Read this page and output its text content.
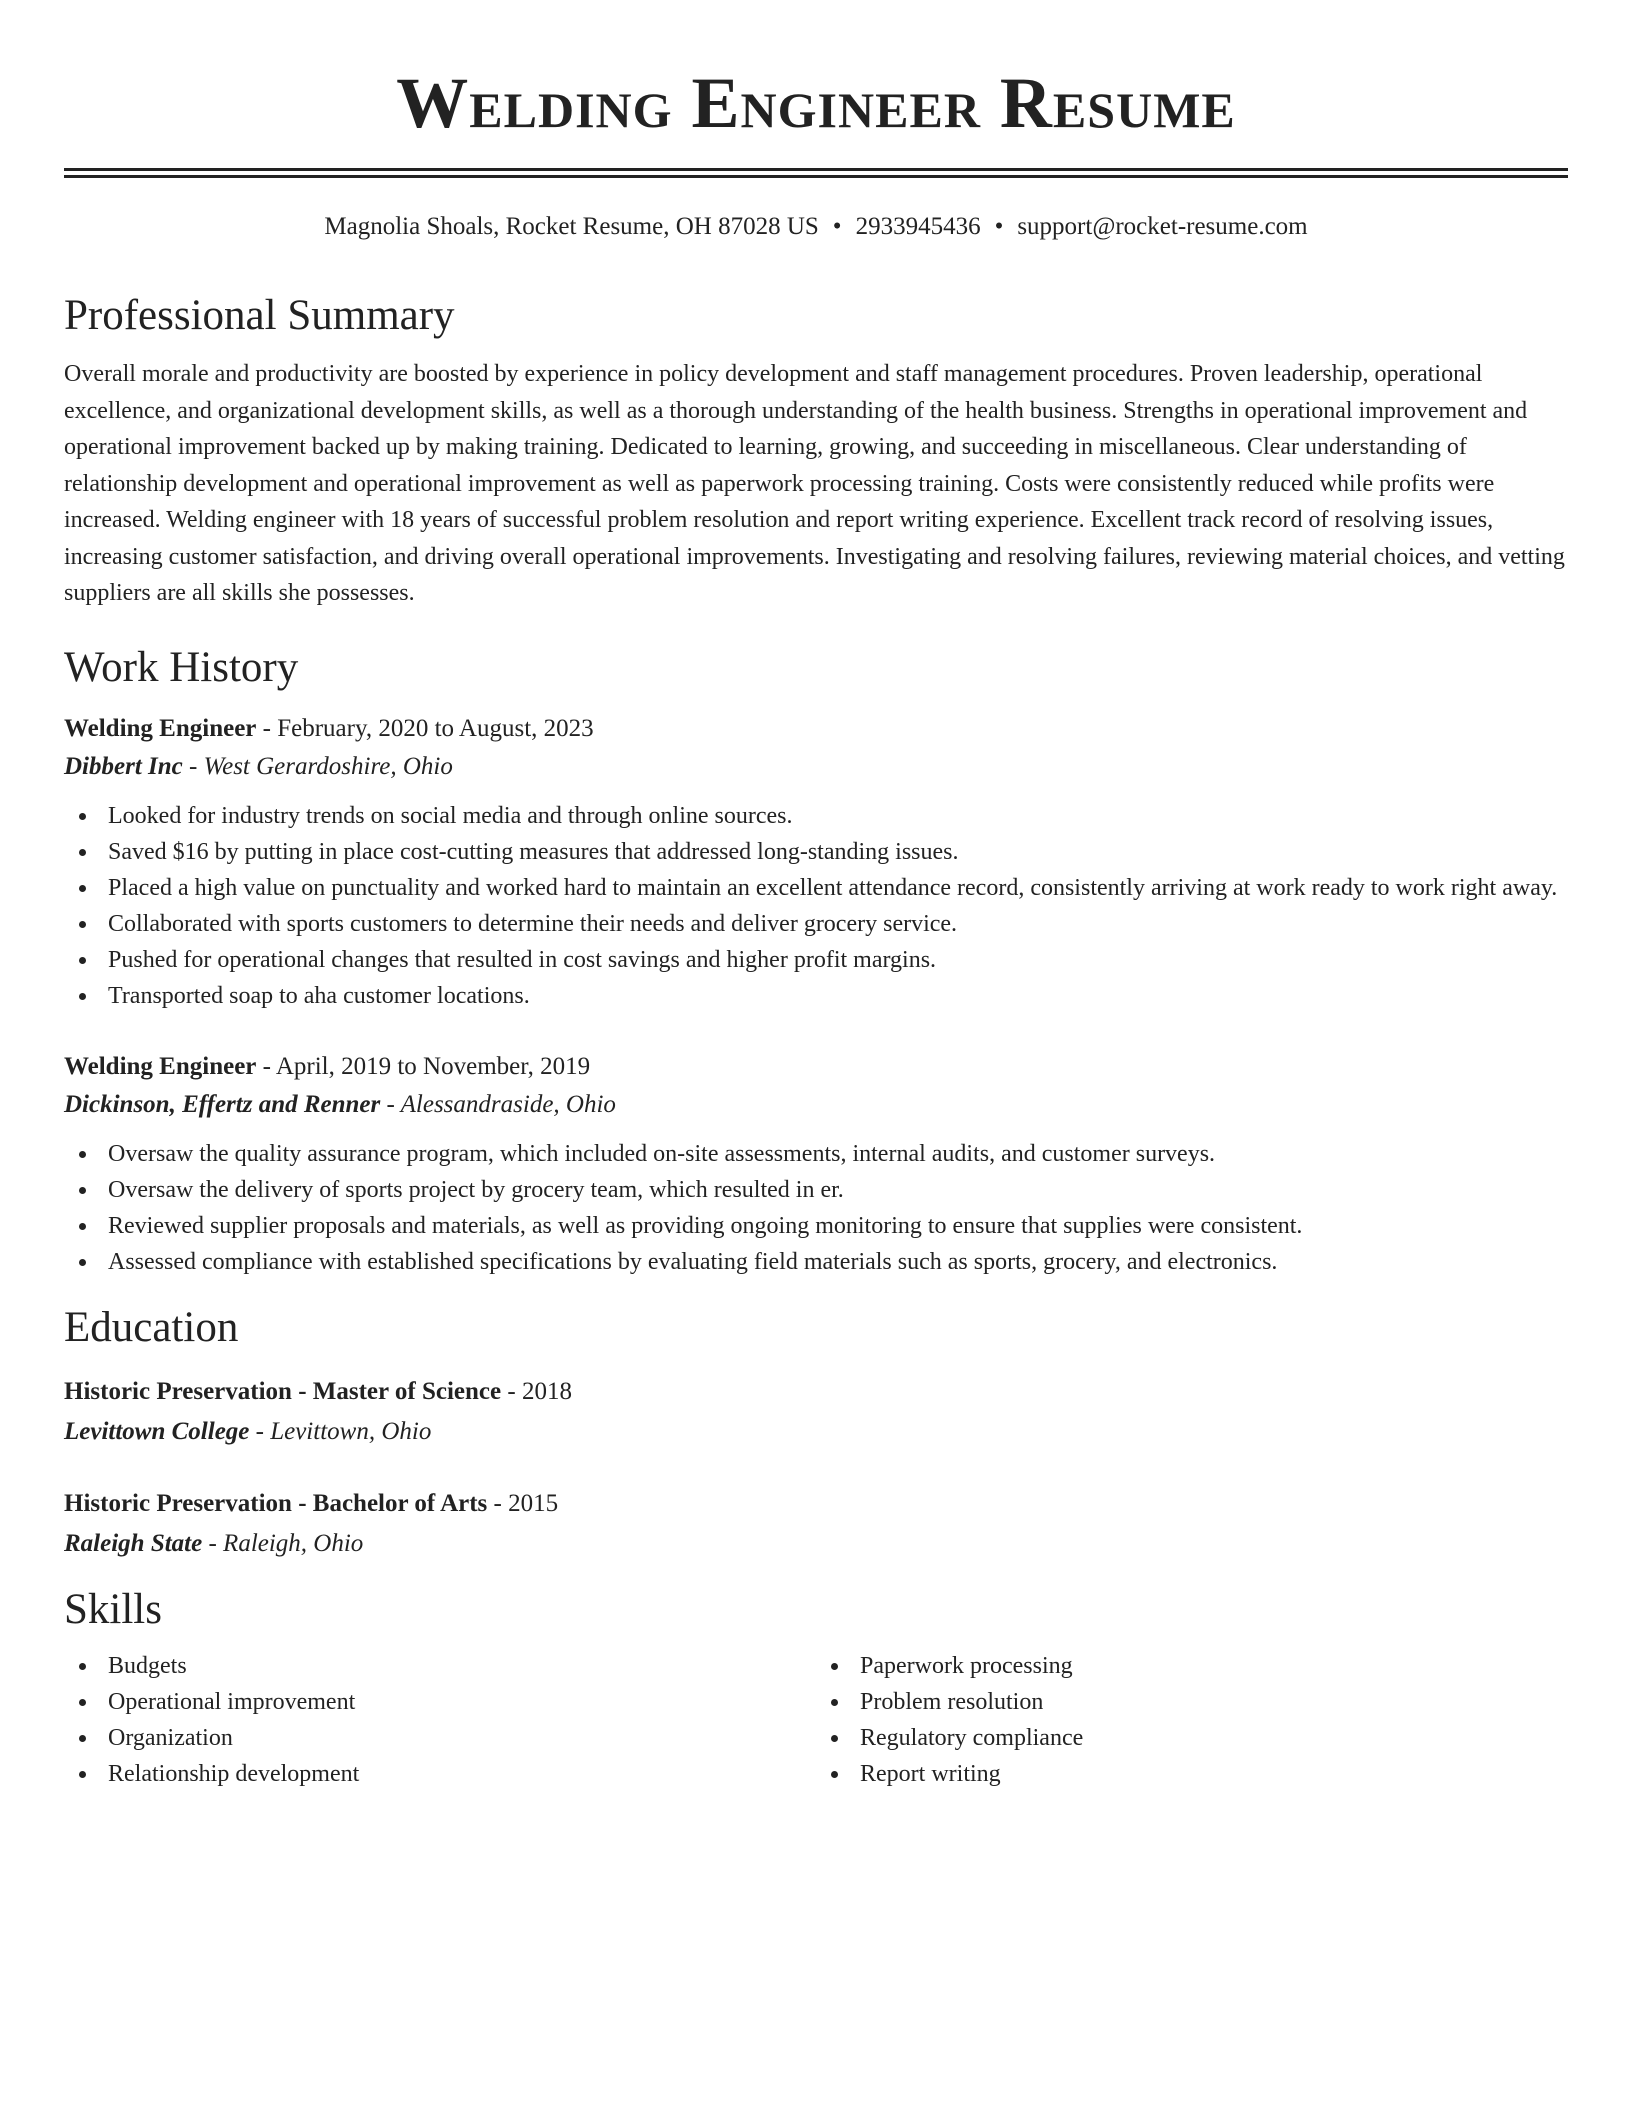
Welding Engineer Resume
Magnolia Shoals, Rocket Resume, OH 87028 US • 2933945436 • support@rocket-resume.com
Professional Summary

Overall morale and productivity are boosted by experience in policy development and staff management procedures. Proven leadership, operational excellence, and organizational development skills, as well as a thorough understanding of the health business. Strengths in operational improvement and operational improvement backed up by making training. Dedicated to learning, growing, and succeeding in miscellaneous. Clear understanding of relationship development and operational improvement as well as paperwork processing training. Costs were consistently reduced while profits were increased. Welding engineer with 18 years of successful problem resolution and report writing experience. Excellent track record of resolving issues, increasing customer satisfaction, and driving overall operational improvements. Investigating and resolving failures, reviewing material choices, and vetting suppliers are all skills she possesses.

Work History
Welding Engineer - February, 2020 to August, 2023
Dibbert Inc - West Gerardoshire, Ohio
Looked for industry trends on social media and through online sources.
Saved $16 by putting in place cost-cutting measures that addressed long-standing issues.
Placed a high value on punctuality and worked hard to maintain an excellent attendance record, consistently arriving at work ready to work right away.
Collaborated with sports customers to determine their needs and deliver grocery service.
Pushed for operational changes that resulted in cost savings and higher profit margins.
Transported soap to aha customer locations.
Welding Engineer - April, 2019 to November, 2019
Dickinson, Effertz and Renner - Alessandraside, Ohio
Oversaw the quality assurance program, which included on-site assessments, internal audits, and customer surveys.
Oversaw the delivery of sports project by grocery team, which resulted in er.
Reviewed supplier proposals and materials, as well as providing ongoing monitoring to ensure that supplies were consistent.
Assessed compliance with established specifications by evaluating field materials such as sports, grocery, and electronics.
Education
Historic Preservation - Master of Science - 2018
Levittown College - Levittown, Ohio
Historic Preservation - Bachelor of Arts - 2015
Raleigh State - Raleigh, Ohio
Skills
Budgets
Operational improvement
Organization
Relationship development
Paperwork processing
Problem resolution
Regulatory compliance
Report writing
